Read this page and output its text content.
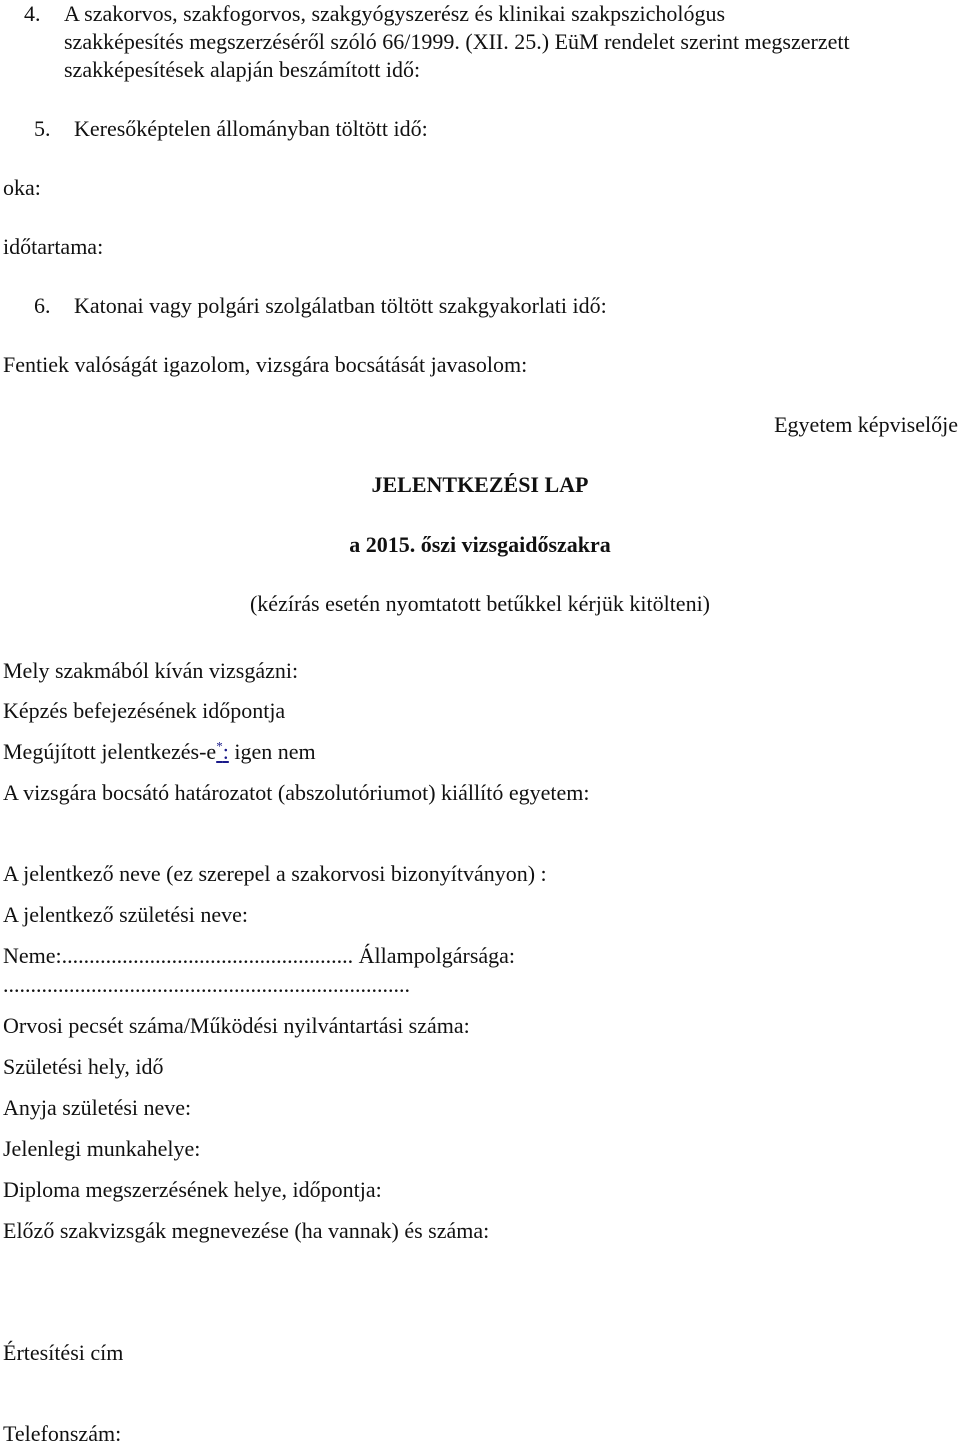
4. A szakorvos, szakfogorvos, szakgyógyszerész és klinikai szakpszichológus
szakképesítés megszerzéséről szóló 66/1999. (XII. 25.) EüM rendelet szerint megszerzett
szakképesítések alapján beszámított idő:
5. Keresőképtelen állományban töltött idő:
oka:
időtartama:
6. Katonai vagy polgári szolgálatban töltött szakgyakorlati idő:
Fentiek valóságát igazolom, vizsgára bocsátását javasolom:
Egyetem képviselője
JELENTKEZÉSI LAP
a 2015. őszi vizsgaidőszakra
(kézírás esetén nyomtatott betűkkel kérjük kitölteni)
Mely szakmából kíván vizsgázni:
Képzés befejezésének időpontja
Megújított jelentkezés-e*: igen nem
A vizsgára bocsátó határozatot (abszolutóriumot) kiállító egyetem:
A jelentkező neve (ez szerepel a szakorvosi bizonyítványon) :
A jelentkező születési neve:
Neme:..................................................... Állampolgársága:
..........................................................................
Orvosi pecsét száma/Működési nyilvántartási száma:
Születési hely, idő
Anyja születési neve:
Jelenlegi munkahelye:
Diploma megszerzésének helye, időpontja:
Előző szakvizsgák megnevezése (ha vannak) és száma:
Értesítési cím
Telefonszám:
